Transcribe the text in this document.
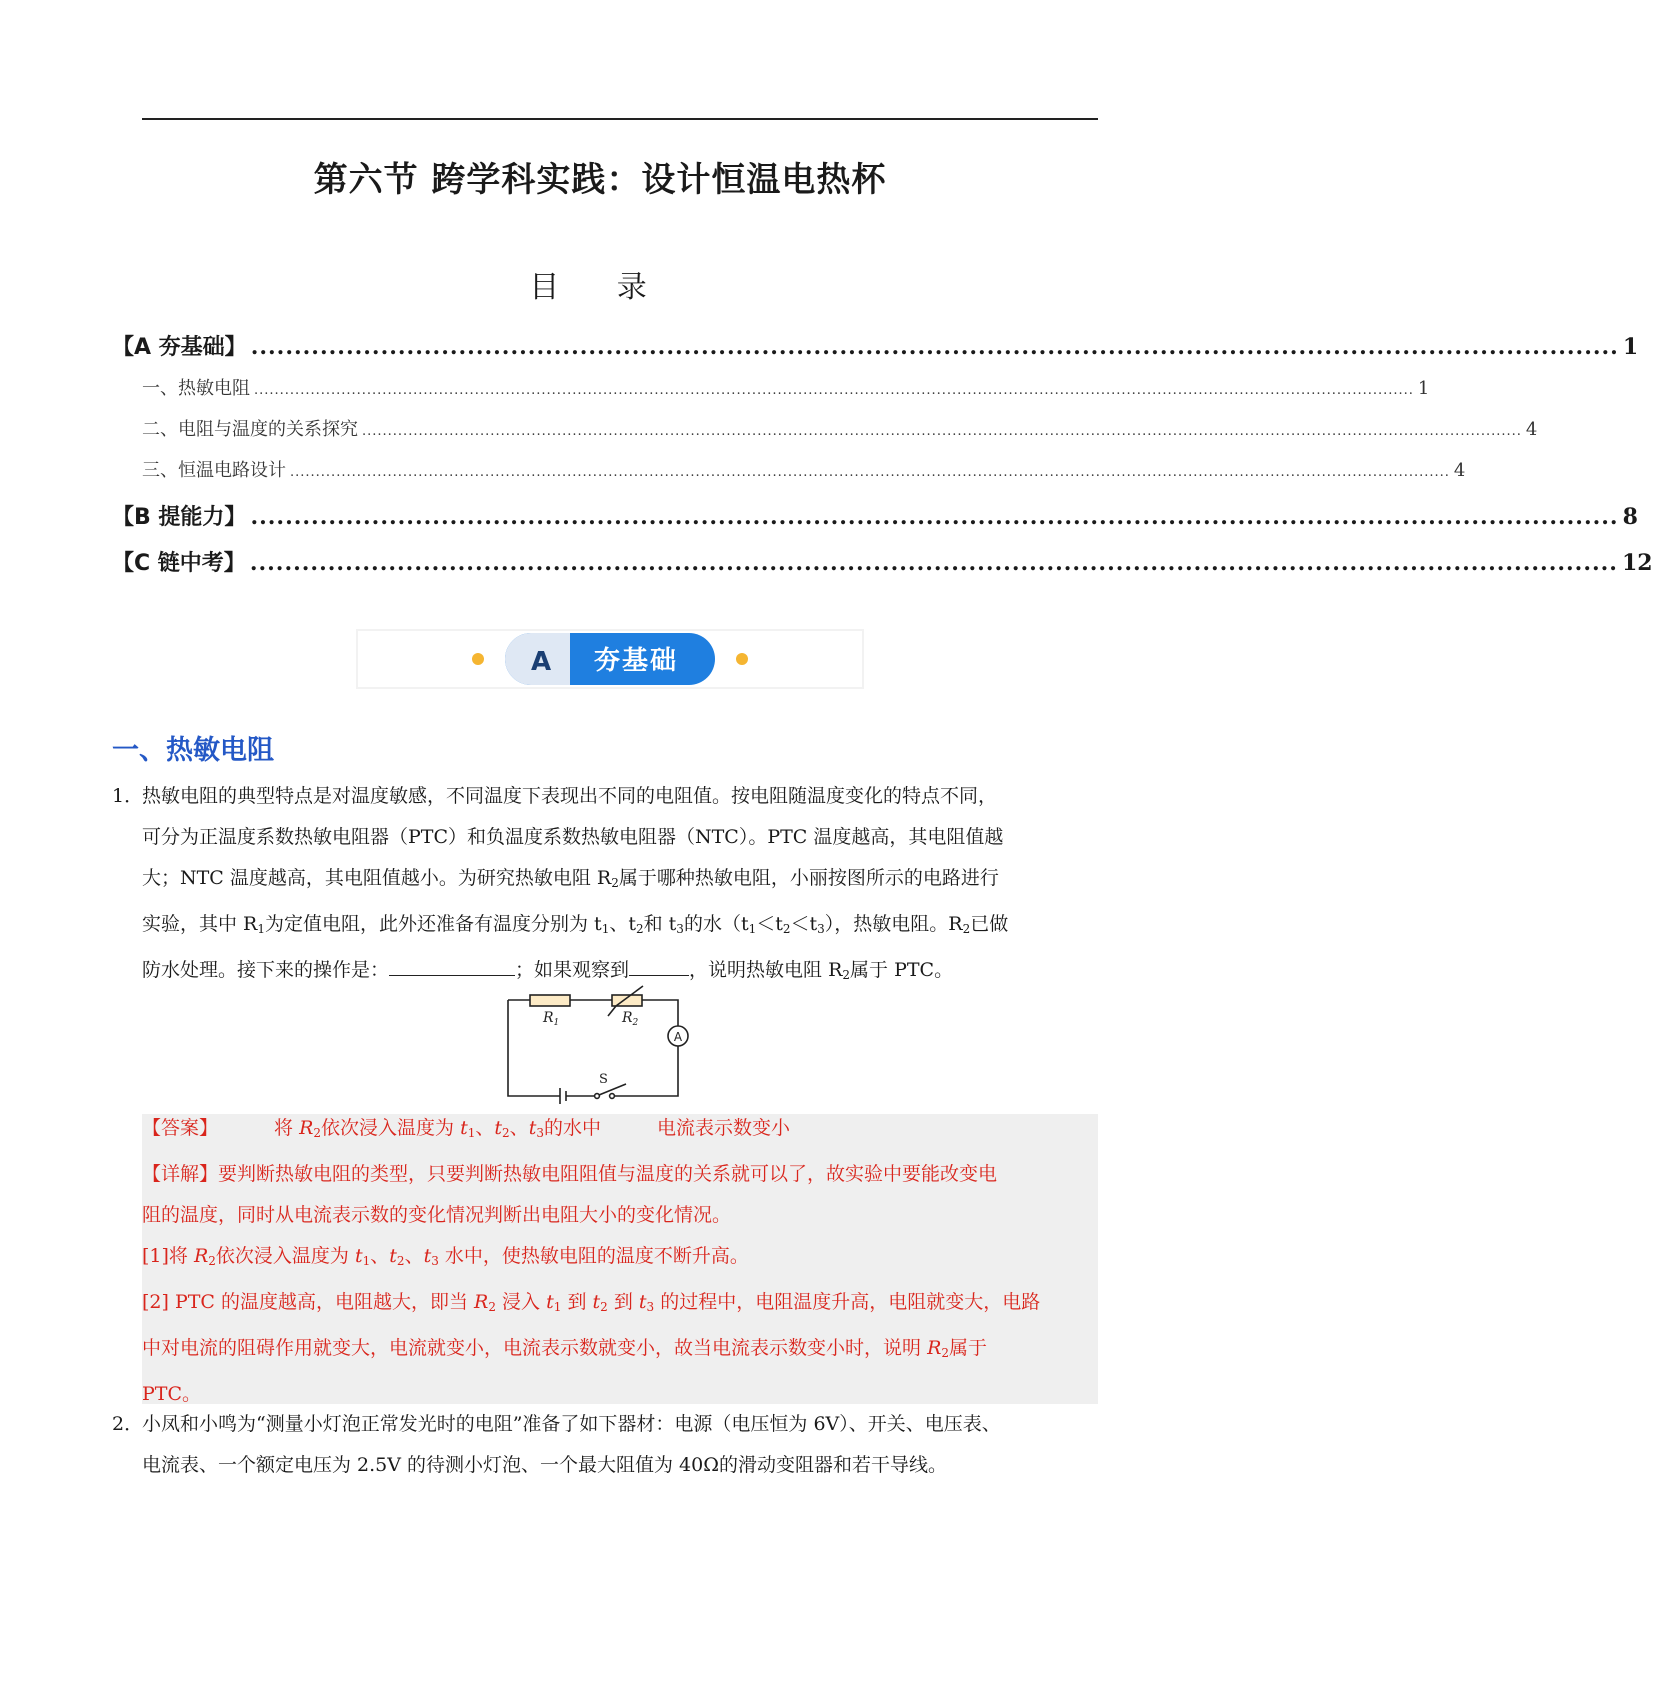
第六节 跨学科实践：设计恒温电热杯
目 录
【A 夯基础】 .............................................................................................................................................................. 1
一、热敏电阻 .................................................................................................................................................................................................................................. 1
二、电阻与温度的关系探究 .................................................................................................................................................................................................................................. 4
三、恒温电路设计 .................................................................................................................................................................................................................................. 4
【B 提能力】 .............................................................................................................................................................. 8
【C 链中考】 .............................................................................................................................................................. 12
A 夯基础
一、热敏电阻
1．
热敏电阻的典型特点是对温度敏感，不同温度下表现出不同的电阻值。按电阻随温度变化的特点不同，
可分为正温度系数热敏电阻器（PTC）和负温度系数热敏电阻器（NTC）。PTC 温度越高，其电阻值越
大；NTC 温度越高，其电阻值越小。为研究热敏电阻 $R_2$属于哪种热敏电阻，小丽按图所示的电路进行
实验，其中 $R_1$为定值电阻，此外还准备有温度分别为 $t_1$、$t_2$和 $t_3$的水$(t_1<t_2<t_3)$，热敏电阻。$R_2$已做
防水处理。接下来的操作是：	；如果观察到	，说明热敏电阻 $R_2$属于 PTC。
$R_1$	$R_2$
A
S

【答案】	将 $R_2$依次浸入温度为 $t_1$、$t_2$、$t_3$的水中	电流表示数变小

【详解】要判断热敏电阻的类型，只要判断热敏电阻阻值与温度的关系就可以了，故实验中要能改变电

阻的温度，同时从电流表示数的变化情况判断出电阻大小的变化情况。

[1]将 $R_2$依次浸入温度为 $t_1$、$t_2$、$t_3$ 水中，使热敏电阻的温度不断升高。

[2] PTC 的温度越高，电阻越大，即当 $R_2$ 浸入 $t_1$ 到 $t_2$ 到 $t_3$ 的过程中，电阻温度升高，电阻就变大，电路

中对电流的阻碍作用就变大，电流就变小，电流表示数就变小，故当电流表示数变小时，说明 $R_2$属于

PTC。

2．
小凤和小鸣为“测量小灯泡正常发光时的电阻”准备了如下器材：电源（电压恒为 6V）、开关、电压表、
电流表、一个额定电压为 2.5V 的待测小灯泡、一个最大阻值为 40Ω的滑动变阻器和若干导线。
